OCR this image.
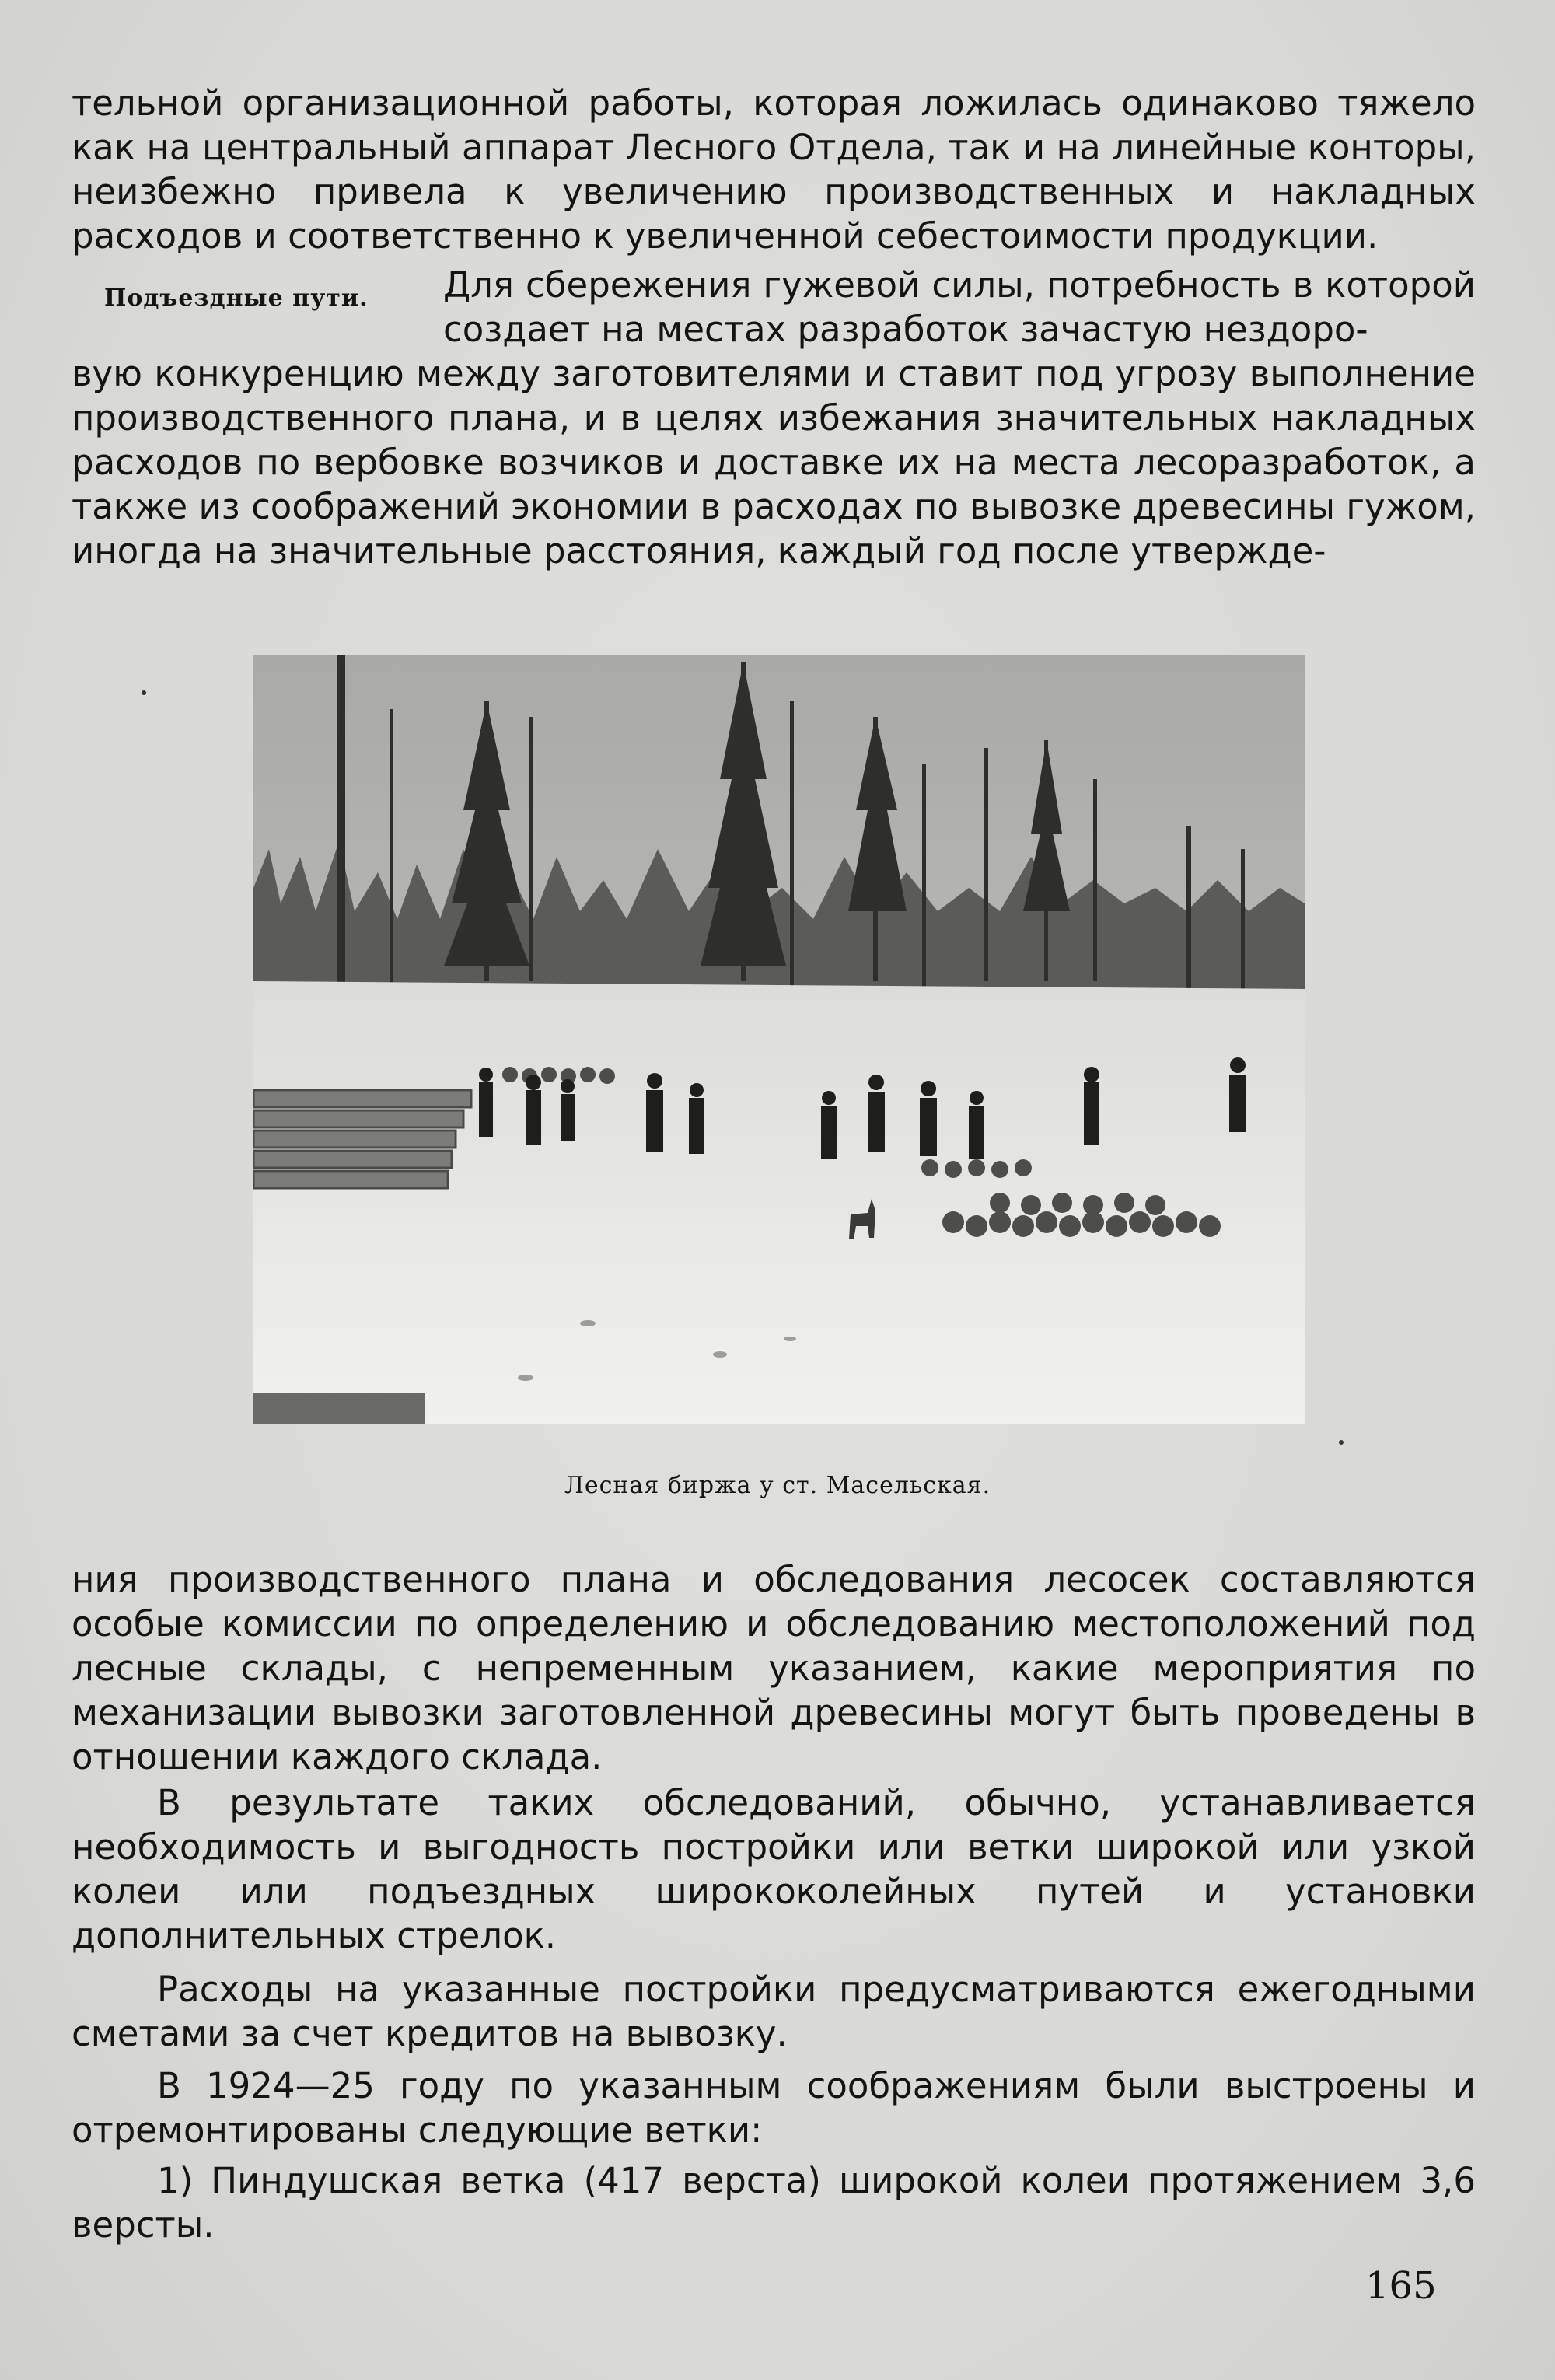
тельной организационной работы, которая ложилась одинаково тяжело как на центральный аппарат Лесного Отдела, так и на линейные конторы, неизбежно привела к увеличению производственных и накладных расходов и соответственно к увеличенной себестоимости продукции.

Подъездные пути. Для сбережения гужевой силы, потребность в которой создает на местах разработок зачастую нездоро-

вую конкуренцию между заготовителями и ставит под угрозу выполнение производственного плана, и в целях избежания значительных накладных расходов по вербовке возчиков и доставке их на места лесоразработок, а также из соображений экономии в расходах по вывозке древесины гужом, иногда на значительные расстояния, каждый год после утвержде-

Лесная биржа у ст. Масельская.

ния производственного плана и обследования лесосек составляются особые комиссии по определению и обследованию местоположений под лесные склады, с непременным указанием, какие мероприятия по механизации вывозки заготовленной древесины могут быть проведены в отношении каждого склада.

В результате таких обследований, обычно, устанавливается необходимость и выгодность постройки или ветки широкой или узкой колеи или подъездных ширококолейных путей и установки дополнительных стрелок.

Расходы на указанные постройки предусматриваются ежегодными сметами за счет кредитов на вывозку.

В 1924—25 году по указанным соображениям были выстроены и отремонтированы следующие ветки:

1) Пиндушская ветка (417 верста) широкой колеи протяжением 3,6 версты.

165
